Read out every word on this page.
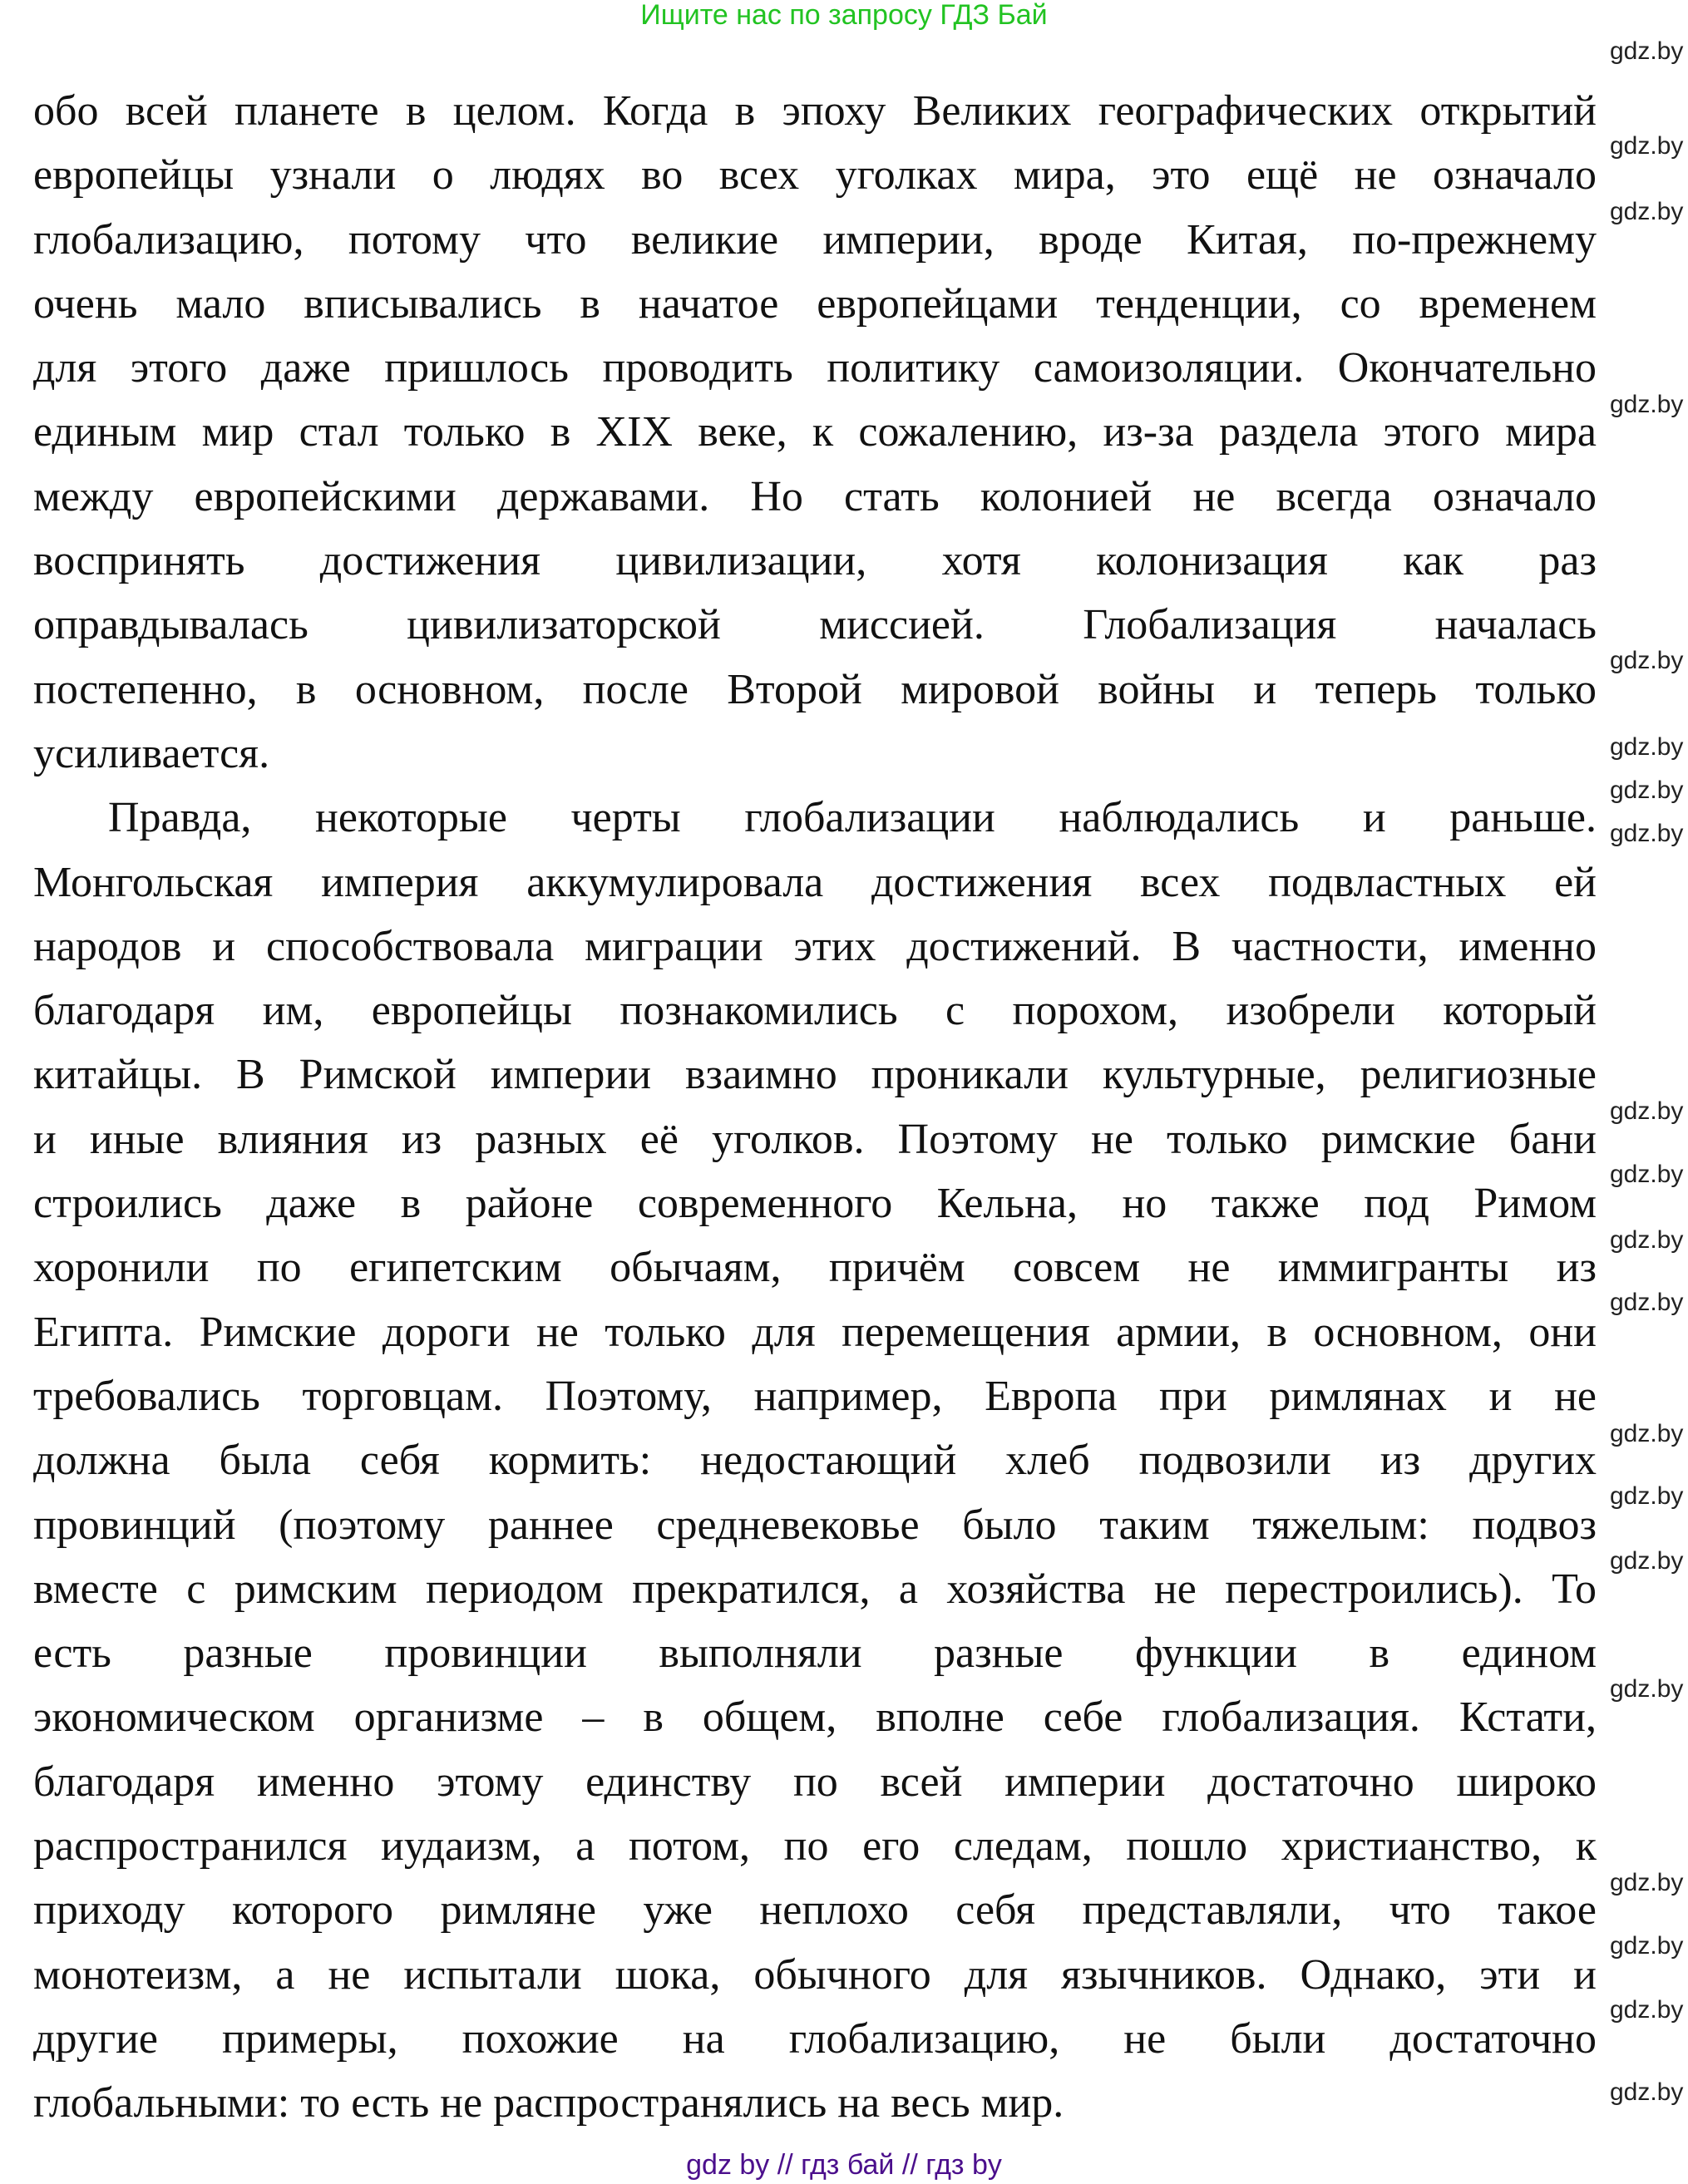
Ищите нас по запросу ГДЗ Бай
обо всей планете в целом. Когда в эпоху Великих географических открытий
европейцы узнали о людях во всех уголках мира, это ещё не означало
глобализацию, потому что великие империи, вроде Китая, по-прежнему
очень мало вписывались в начатое европейцами тенденции, со временем
для этого даже пришлось проводить политику самоизоляции. Окончательно
единым мир стал только в XIX веке, к сожалению, из-за раздела этого мира
между европейскими державами. Но стать колонией не всегда означало
воспринять достижения цивилизации, хотя колонизация как раз
оправдывалась цивилизаторской миссией. Глобализация началась
постепенно, в основном, после Второй мировой войны и теперь только
усиливается.
Правда, некоторые черты глобализации наблюдались и раньше.
Монгольская империя аккумулировала достижения всех подвластных ей
народов и способствовала миграции этих достижений. В частности, именно
благодаря им, европейцы познакомились с порохом, изобрели который
китайцы. В Римской империи взаимно проникали культурные, религиозные
и иные влияния из разных её уголков. Поэтому не только римские бани
строились даже в районе современного Кельна, но также под Римом
хоронили по египетским обычаям, причём совсем не иммигранты из
Египта. Римские дороги не только для перемещения армии, в основном, они
требовались торговцам. Поэтому, например, Европа при римлянах и не
должна была себя кормить: недостающий хлеб подвозили из других
провинций (поэтому раннее средневековье было таким тяжелым: подвоз
вместе с римским периодом прекратился, а хозяйства не перестроились). То
есть разные провинции выполняли разные функции в едином
экономическом организме – в общем, вполне себе глобализация. Кстати,
благодаря именно этому единству по всей империи достаточно широко
распространился иудаизм, а потом, по его следам, пошло христианство, к
приходу которого римляне уже неплохо себя представляли, что такое
монотеизм, а не испытали шока, обычного для язычников. Однако, эти и
другие примеры, похожие на глобализацию, не были достаточно
глобальными: то есть не распространялись на весь мир.
gdz.by
gdz.by
gdz.by
gdz.by
gdz.by
gdz.by
gdz.by
gdz.by
gdz.by
gdz.by
gdz.by
gdz.by
gdz.by
gdz.by
gdz.by
gdz.by
gdz.by
gdz.by
gdz.by
gdz.by
gdz by // гдз бай // гдз by
